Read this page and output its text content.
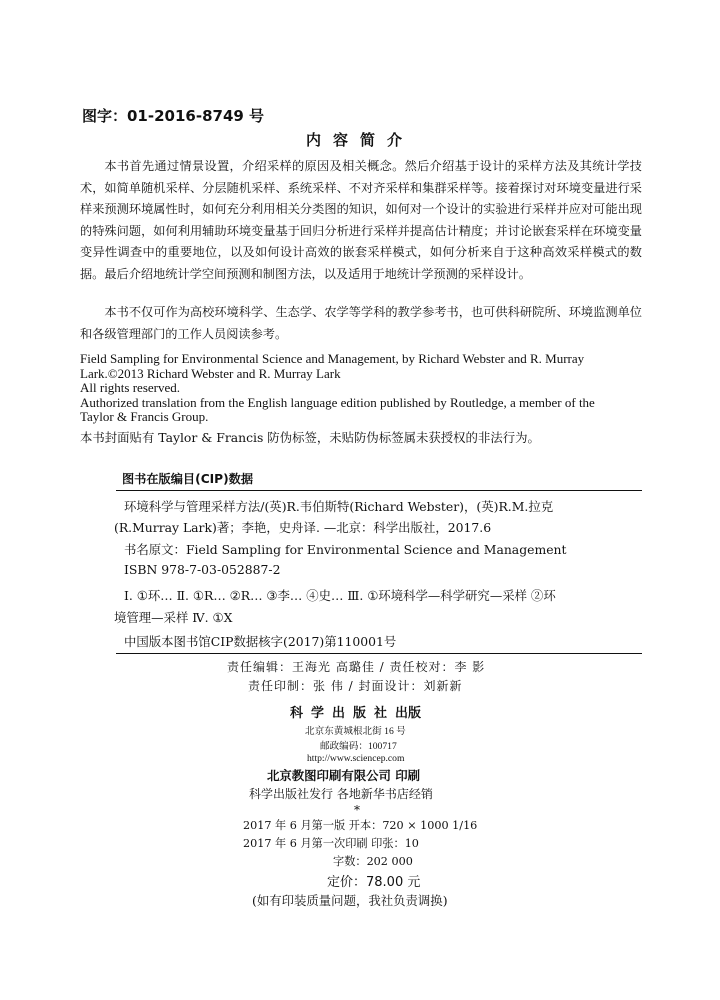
图字：01-2016-8749 号
内容简介
本书首先通过情景设置，介绍采样的原因及相关概念。然后介绍基于设计的采样方法及其统计学技术，如简单随机采样、分层随机采样、系统采样、不对齐采样和集群采样等。接着探讨对环境变量进行采样来预测环境属性时，如何充分利用相关分类图的知识，如何对一个设计的实验进行采样并应对可能出现的特殊问题，如何利用辅助环境变量基于回归分析进行采样并提高估计精度；并讨论嵌套采样在环境变量变异性调查中的重要地位，以及如何设计高效的嵌套采样模式，如何分析来自于这种高效采样模式的数据。最后介绍地统计学空间预测和制图方法，以及适用于地统计学预测的采样设计。
本书不仅可作为高校环境科学、生态学、农学等学科的教学参考书，也可供科研院所、环境监测单位和各级管理部门的工作人员阅读参考。
Field Sampling for Environmental Science and Management, by Richard Webster and R. Murray
Lark.©2013 Richard Webster and R. Murray Lark
All rights reserved.
Authorized translation from the English language edition published by Routledge, a member of the
Taylor & Francis Group.
本书封面贴有 Taylor & Francis 防伪标签，未贴防伪标签属未获授权的非法行为。
图书在版编目(CIP)数据
环境科学与管理采样方法/(英)R.韦伯斯特(Richard Webster)，(英)R.M.拉克
(R.Murray Lark)著；李艳，史舟译. —北京：科学出版社，2017.6
书名原文：Field Sampling for Environmental Science and Management
ISBN 978-7-03-052887-2
Ⅰ. ①环… Ⅱ. ①R… ②R… ③李… ④史… Ⅲ. ①环境科学—科学研究—采样 ②环
境管理—采样 Ⅳ. ①X
中国版本图书馆CIP数据核字(2017)第110001号
责任编辑：王海光 高璐佳 / 责任校对：李 影
责任印制：张 伟 / 封面设计：刘新新
科学出版社出版
北京东黄城根北街 16 号
邮政编码：100717
http://www.sciencep.com
北京教图印刷有限公司 印刷
科学出版社发行 各地新华书店经销
*
2017 年 6 月第一版 开本：720 × 1000 1/16
2017 年 6 月第一次印刷 印张：10
字数：202 000
定价：78.00 元
(如有印装质量问题，我社负责调换)
